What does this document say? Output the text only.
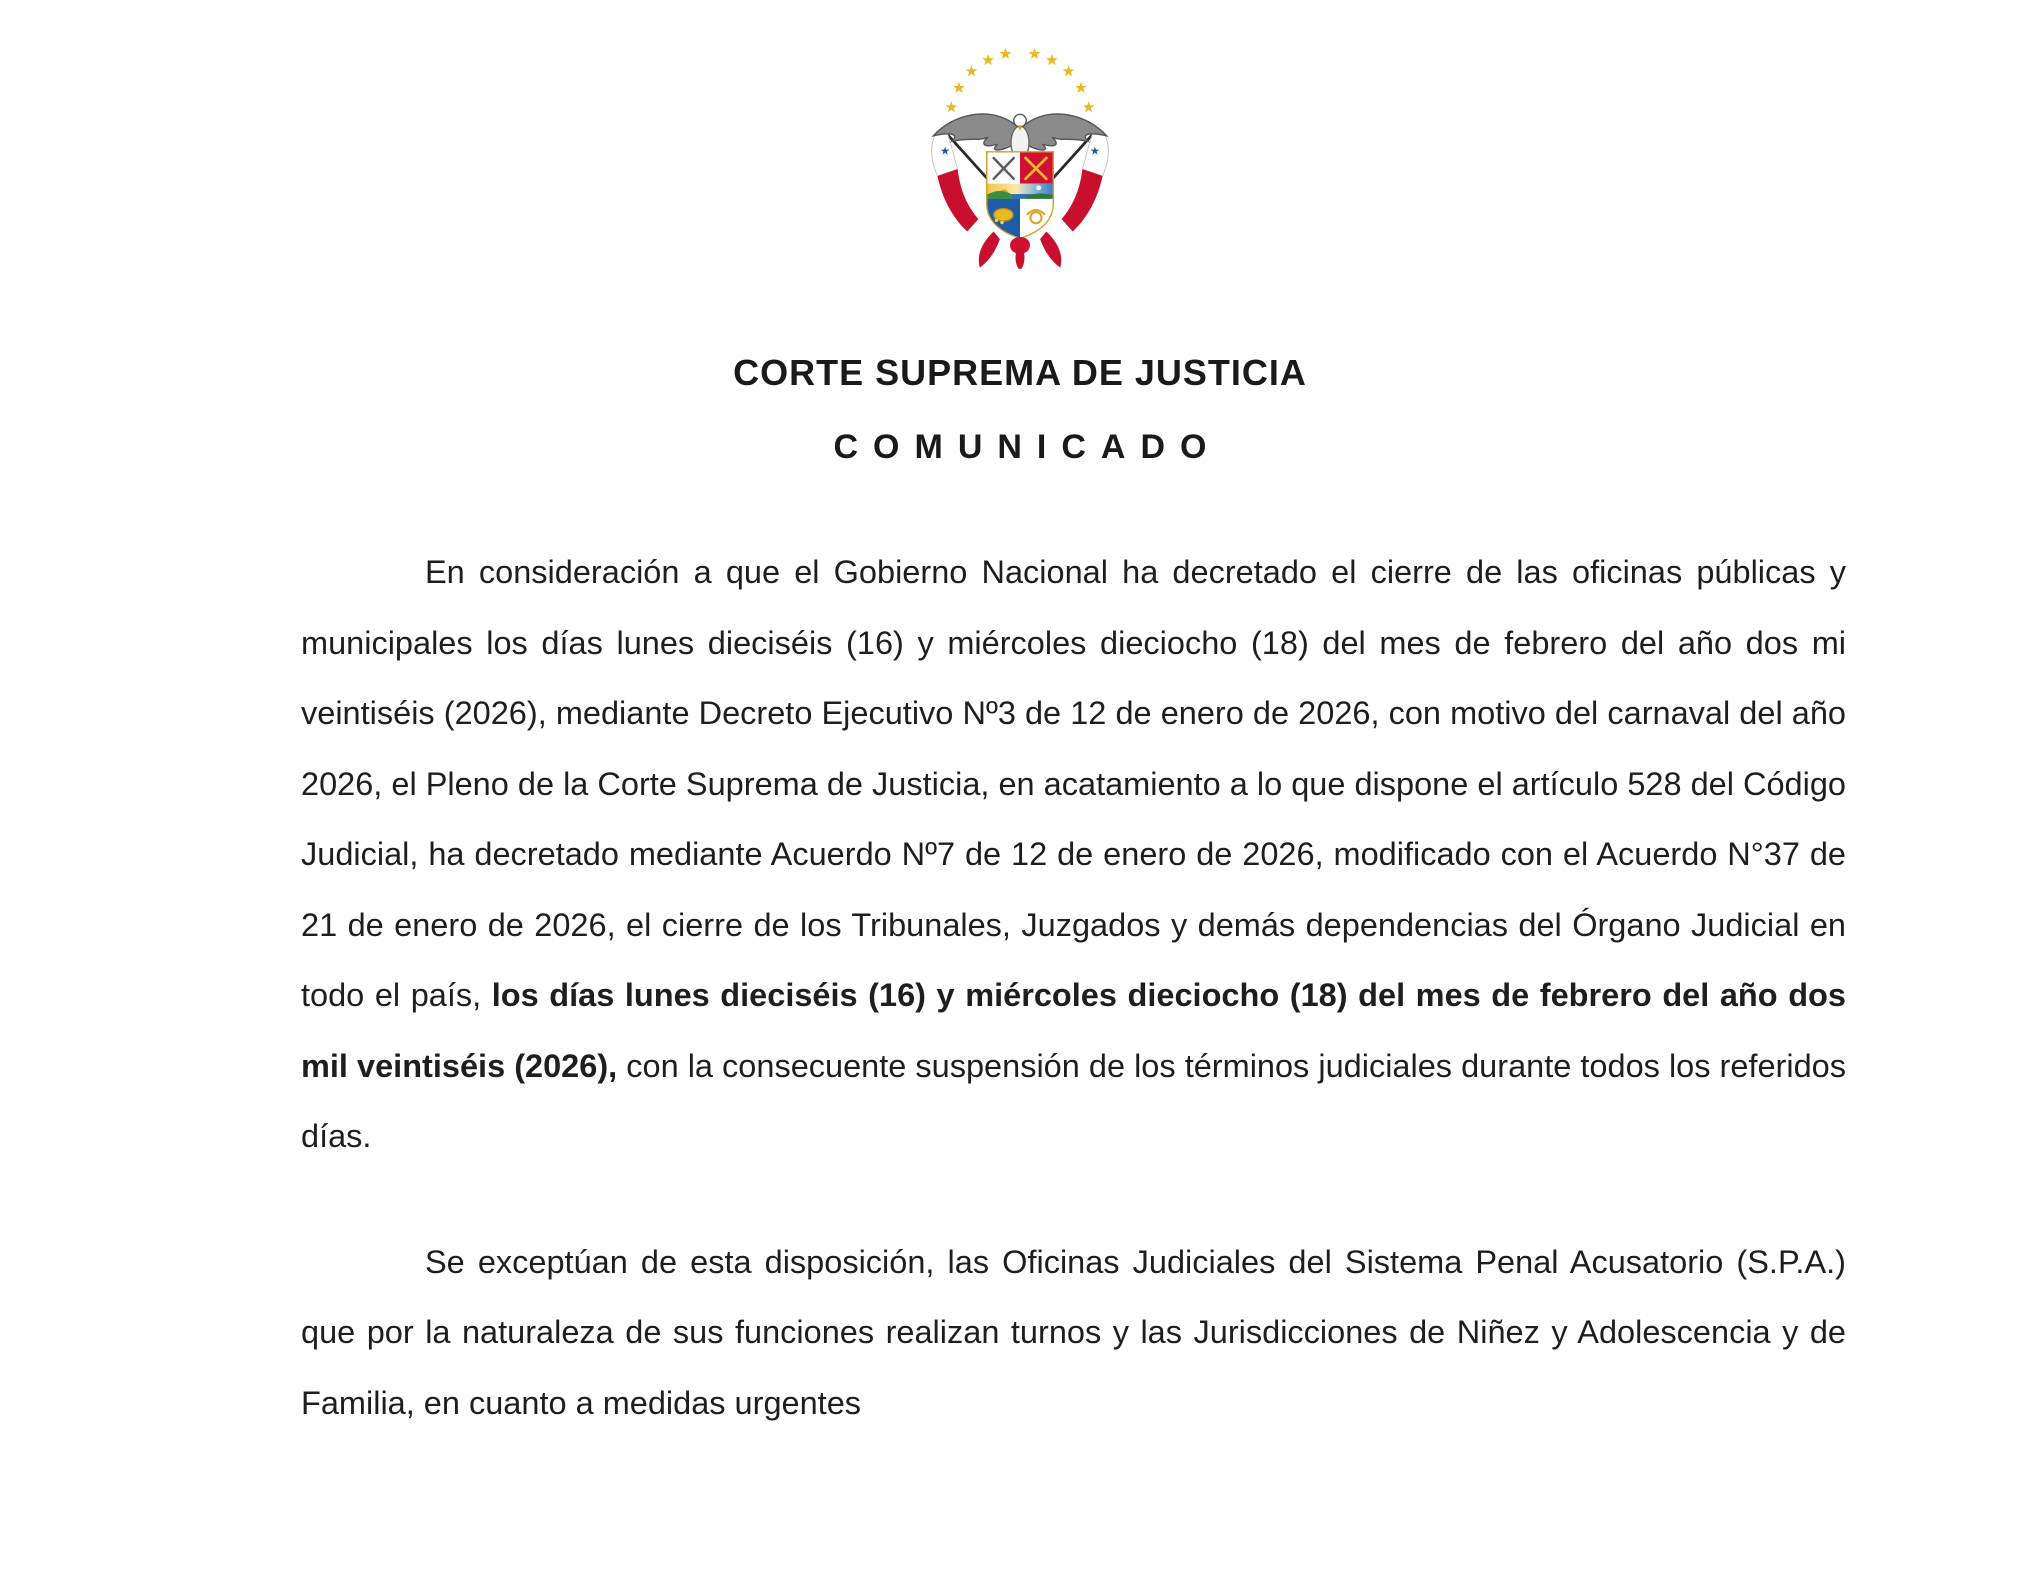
CORTE SUPREMA DE JUSTICIA
COMUNICADO

En consideración a que el Gobierno Nacional ha decretado el cierre de las oficinas públicas y municipales los días lunes dieciséis (16) y miércoles dieciocho (18) del mes de febrero del año dos mi veintiséis (2026), mediante Decreto Ejecutivo Nº3 de 12 de enero de 2026, con motivo del carnaval del año 2026, el Pleno de la Corte Suprema de Justicia, en acatamiento a lo que dispone el artículo 528 del Código Judicial, ha decretado mediante Acuerdo Nº7 de 12 de enero de 2026, modificado con el Acuerdo N°37 de 21 de enero de 2026, el cierre de los Tribunales, Juzgados y demás dependencias del Órgano Judicial en todo el país, los días lunes dieciséis (16) y miércoles dieciocho (18) del mes de febrero del año dos mil veintiséis (2026), con la consecuente suspensión de los términos judiciales durante todos los referidos días.

Se exceptúan de esta disposición, las Oficinas Judiciales del Sistema Penal Acusatorio (S.P.A.) que por la naturaleza de sus funciones realizan turnos y las Jurisdicciones de Niñez y Adolescencia y de Familia, en cuanto a medidas urgentes
